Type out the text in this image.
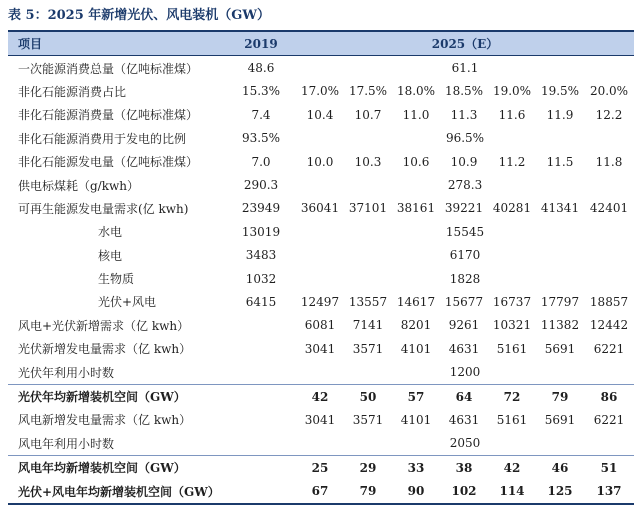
表 5：2025 年新增光伏、风电装机（GW）
项目	2019	2025（E）						
一次能源消费总量（亿吨标准煤）	48.6	61.1						
非化石能源消费占比	15.3%	17.0%	17.5%	18.0%	18.5%	19.0%	19.5%	20.0%
非化石能源消费量（亿吨标准煤）	7.4	10.4	10.7	11.0	11.3	11.6	11.9	12.2
非化石能源消费用于发电的比例	93.5%	96.5%						
非化石能源发电量（亿吨标准煤）	7.0	10.0	10.3	10.6	10.9	11.2	11.5	11.8
供电标煤耗（g/kwh）	290.3	278.3						
可再生能源发电量需求(亿 kwh)	23949	36041	37101	38161	39221	40281	41341	42401
水电	13019	15545						
核电	3483	6170						
生物质	1032	1828						
光伏+风电	6415	12497	13557	14617	15677	16737	17797	18857
风电+光伏新增需求（亿 kwh）		6081	7141	8201	9261	10321	11382	12442
光伏新增发电量需求（亿 kwh）		3041	3571	4101	4631	5161	5691	6221
光伏年利用小时数		1200						
光伏年均新增装机空间（GW）		42	50	57	64	72	79	86
风电新增发电量需求（亿 kwh）		3041	3571	4101	4631	5161	5691	6221
风电年利用小时数		2050						
风电年均新增装机空间（GW）		25	29	33	38	42	46	51
光伏+风电年均新增装机空间（GW）		67	79	90	102	114	125	137
